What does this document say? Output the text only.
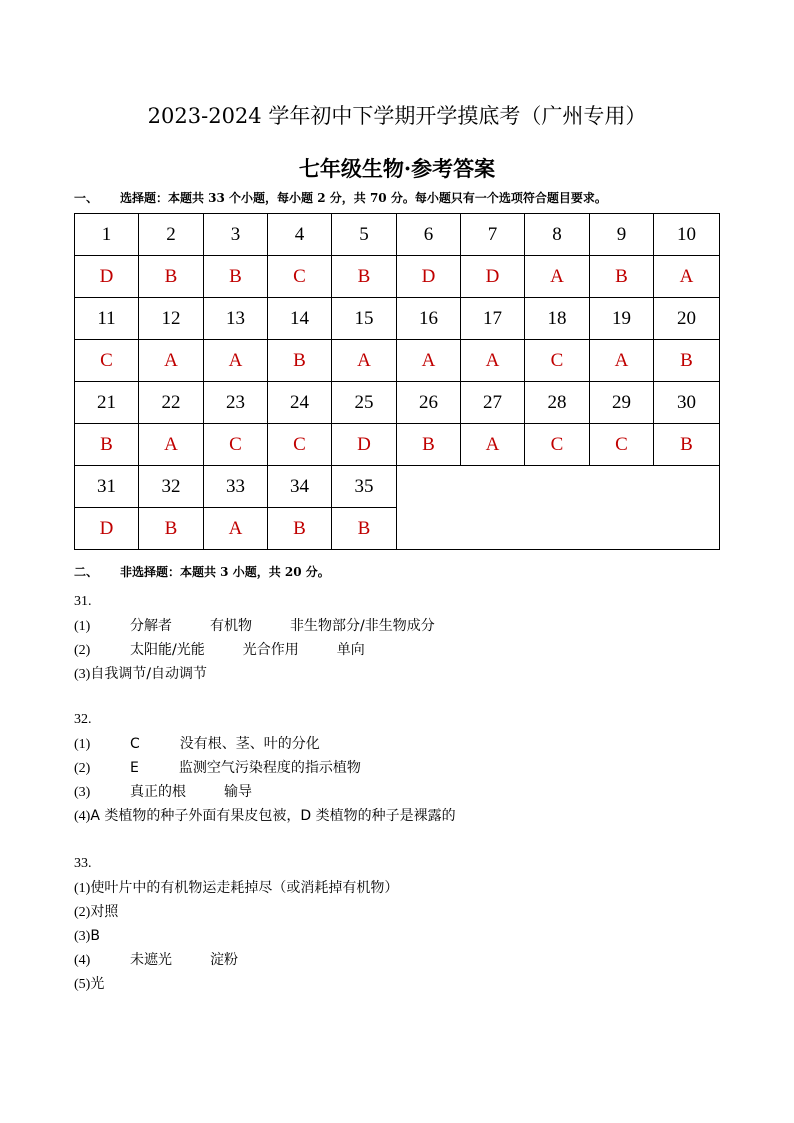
2023-2024 学年初中下学期开学摸底考（广州专用）
七年级生物·参考答案
一、 选择题：本题共 33 个小题，每小题 2 分，共 70 分。每小题只有一个选项符合题目要求。
1	2	3	4	5	6	7	8	9	10
D	B	B	C	B	D	D	A	B	A
11	12	13	14	15	16	17	18	19	20
C	A	A	B	A	A	A	C	A	B
21	22	23	24	25	26	27	28	29	30
B	A	C	C	D	B	A	C	C	B
31	32	33	34	35					
D	B	A	B	B					
二、 非选择题：本题共 3 小题，共 20 分。
31.
(1)	分解者	有机物	非生物部分/非生物成分
(2)	太阳能/光能	光合作用	单向
(3)自我调节/自动调节
32.
(1)	C	没有根、茎、叶的分化
(2)	E	监测空气污染程度的指示植物
(3)	真正的根	输导
(4)A 类植物的种子外面有果皮包被，D 类植物的种子是裸露的
33.
(1)使叶片中的有机物运走耗掉尽（或消耗掉有机物）
(2)对照
(3)B
(4)	未遮光	淀粉
(5)光
